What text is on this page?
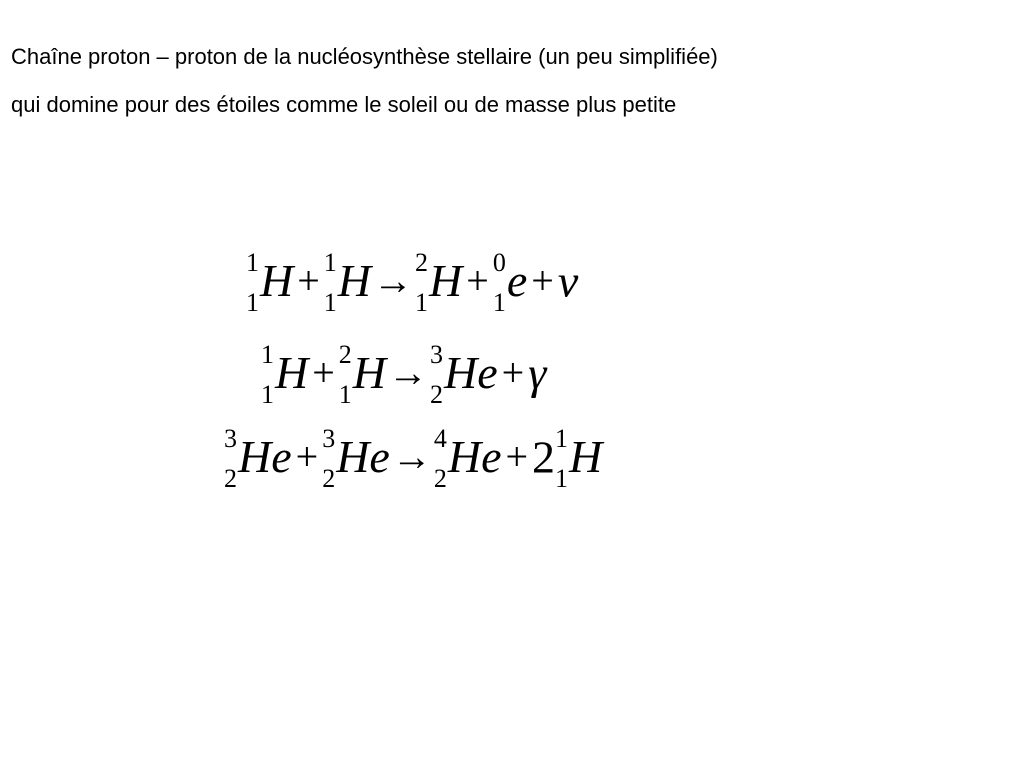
Chaîne proton – proton de la nucléosynthèse stellaire (un peu simplifiée)
qui domine pour des étoiles comme le soleil ou de masse plus petite
1
1 H + 1
1 H → 2
1 H + 0
1 e +ν
1
1 H + 2
1 H → 3
2 He +γ
3
2 He + 3
2 He → 4
2 He +2 1
1 H
